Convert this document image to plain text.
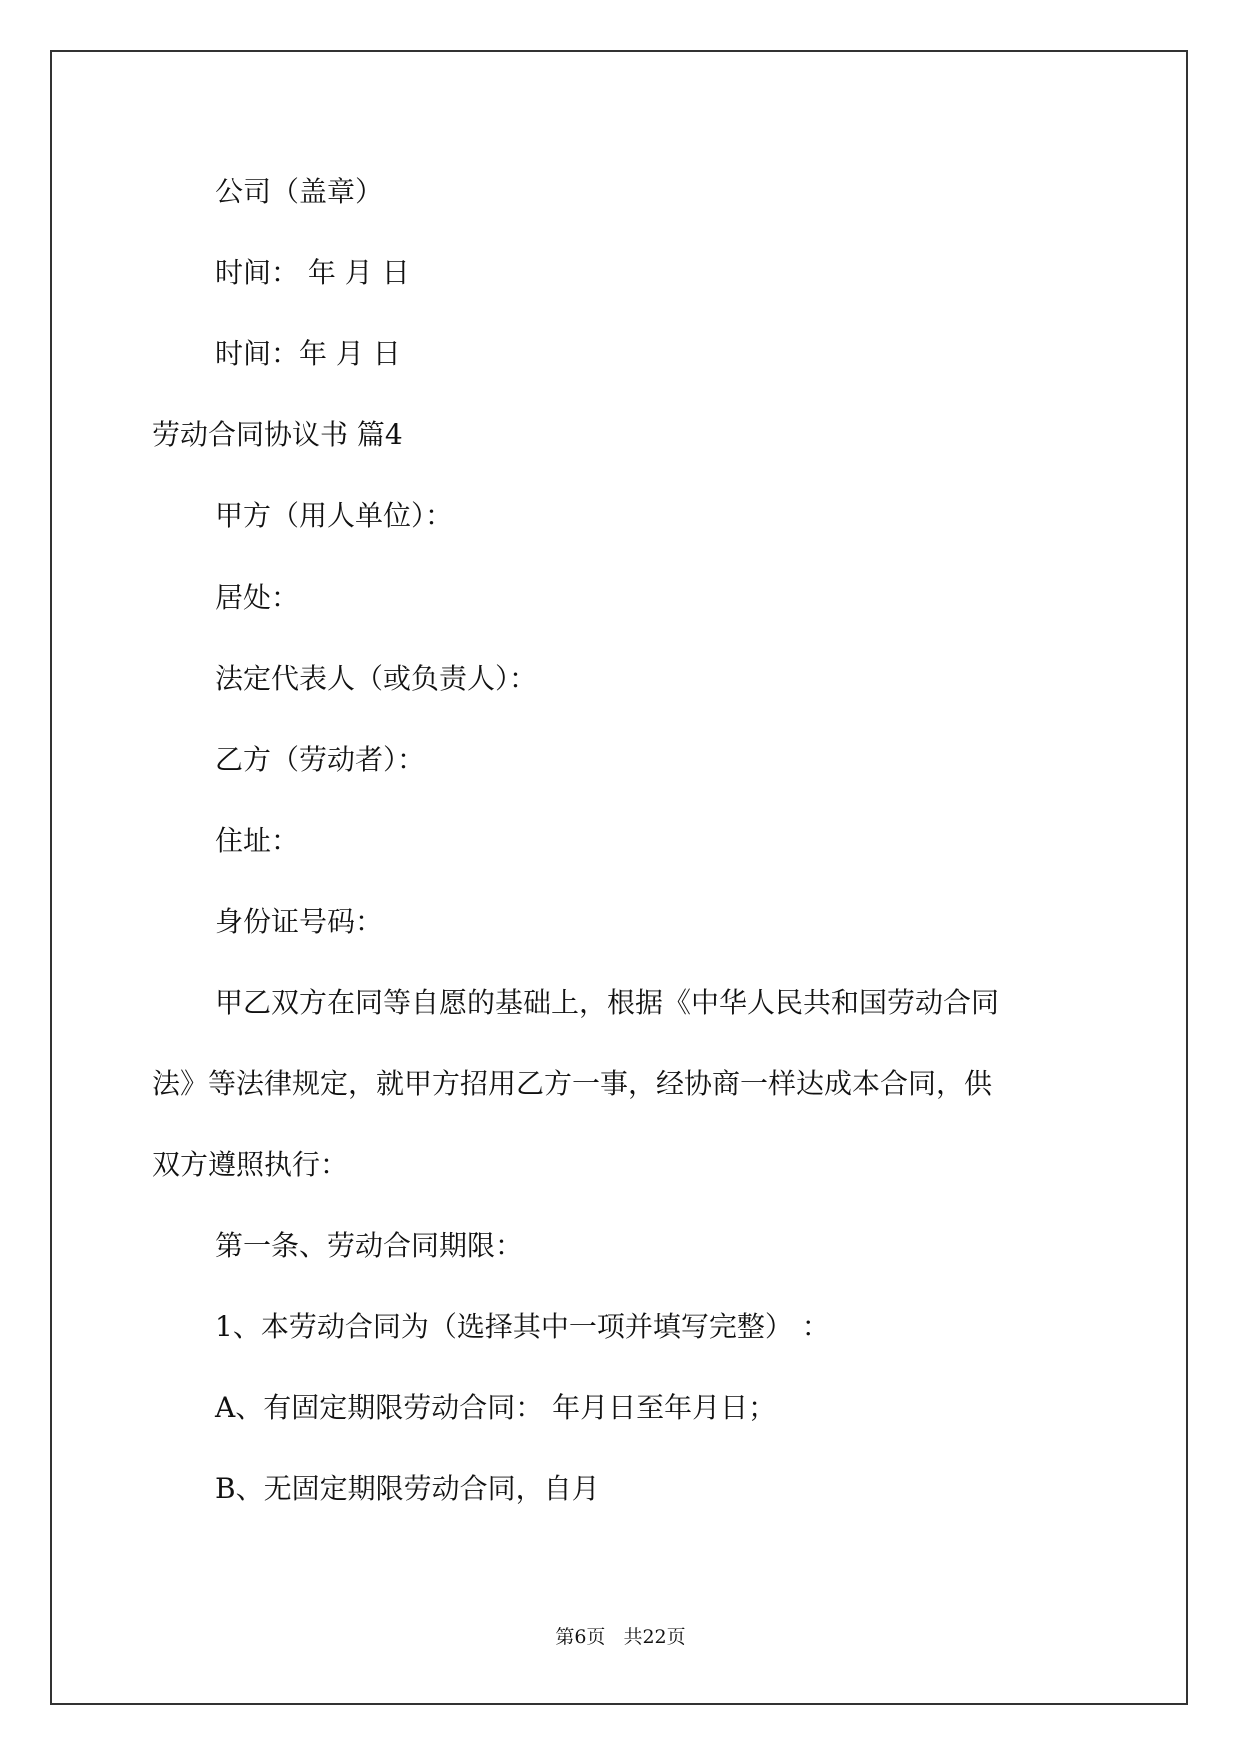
公司（盖章）
时间： 年 月 日
时间：年 月 日
劳动合同协议书 篇4
甲方（用人单位）：
居处：
法定代表人（或负责人）：
乙方（劳动者）：
住址：
身份证号码：
甲乙双方在同等自愿的基础上，根据《中华人民共和国劳动合同
法》等法律规定，就甲方招用乙方一事，经协商一样达成本合同，供
双方遵照执行：
第一条、劳动合同期限：
1、本劳动合同为（选择其中一项并填写完整） ：
A、有固定期限劳动合同： 年月日至年月日；
B、无固定期限劳动合同，自月
第6页 共22页
